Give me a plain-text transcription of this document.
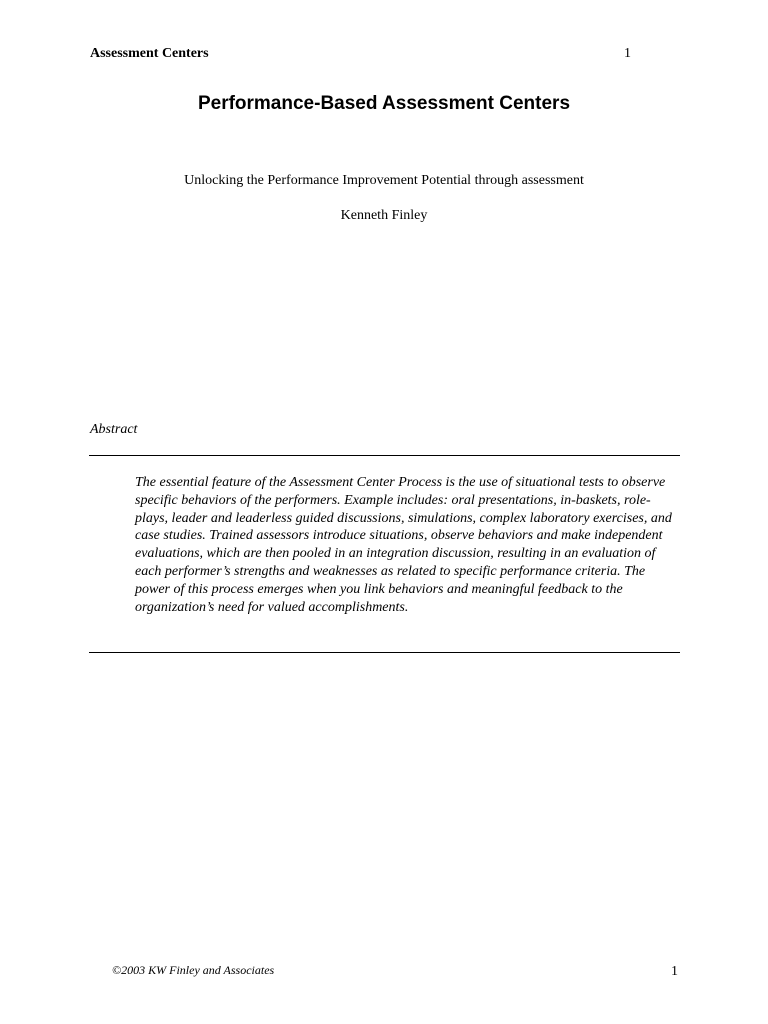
Assessment Centers	1
Performance-Based Assessment Centers
Unlocking the Performance Improvement Potential through assessment
Kenneth Finley
Abstract
The essential feature of the Assessment Center Process is the use of situational tests to observe specific behaviors of the performers. Example includes: oral presentations, in-baskets, role-plays, leader and leaderless guided discussions, simulations, complex laboratory exercises, and case studies. Trained assessors introduce situations, observe behaviors and make independent evaluations, which are then pooled in an integration discussion, resulting in an evaluation of each performer’s strengths and weaknesses as related to specific performance criteria. The power of this process emerges when you link behaviors and meaningful feedback to the organization’s need for valued accomplishments.
©2003 KW Finley and Associates	1
